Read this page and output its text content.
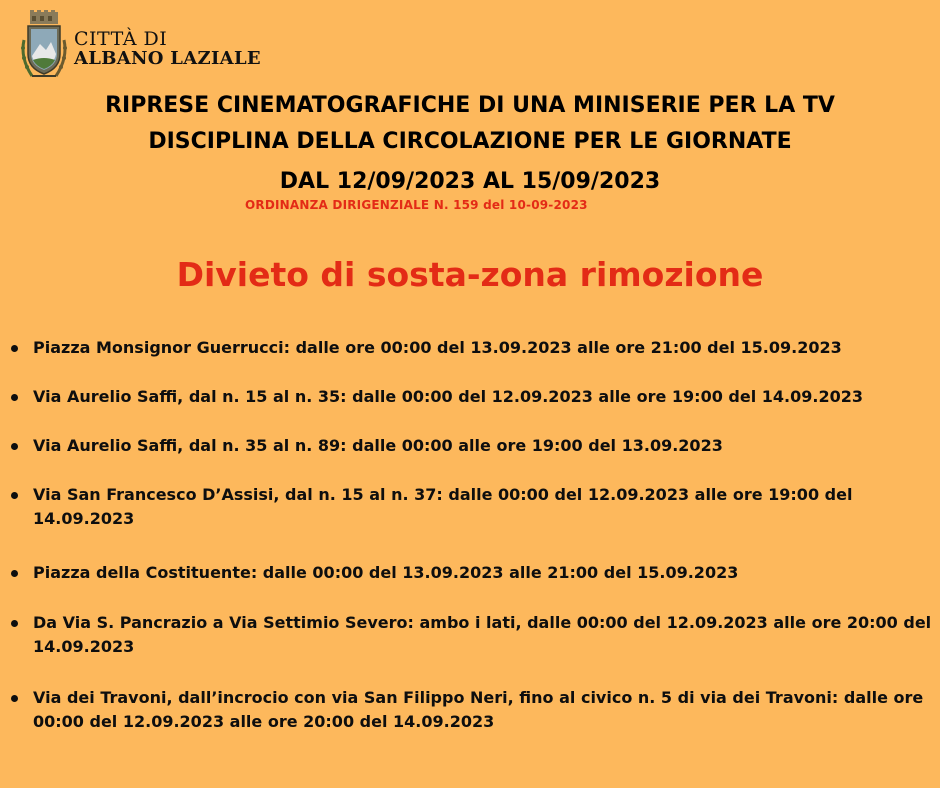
CITTÀ DI
ALBANO LAZIALE
RIPRESE CINEMATOGRAFICHE DI UNA MINISERIE PER LA TV
DISCIPLINA DELLA CIRCOLAZIONE PER LE GIORNATE
DAL 12/09/2023 AL 15/09/2023
ORDINANZA DIRIGENZIALE N. 159 del 10-09-2023
Divieto di sosta-zona rimozione
Piazza Monsignor Guerrucci: dalle ore 00:00 del 13.09.2023 alle ore 21:00 del 15.09.2023
Via Aurelio Saffi, dal n. 15 al n. 35: dalle 00:00 del 12.09.2023 alle ore 19:00 del 14.09.2023
Via Aurelio Saffi, dal n. 35 al n. 89: dalle 00:00 alle ore 19:00 del 13.09.2023
Via San Francesco D’Assisi, dal n. 15 al n. 37: dalle 00:00 del 12.09.2023 alle ore 19:00 del 14.09.2023
Piazza della Costituente: dalle 00:00 del 13.09.2023 alle 21:00 del 15.09.2023
Da Via S. Pancrazio a Via Settimio Severo: ambo i lati, dalle 00:00 del 12.09.2023 alle ore 20:00 del 14.09.2023
Via dei Travoni, dall’incrocio con via San Filippo Neri, fino al civico n. 5 di via dei Travoni: dalle ore 00:00 del 12.09.2023 alle ore 20:00 del 14.09.2023
